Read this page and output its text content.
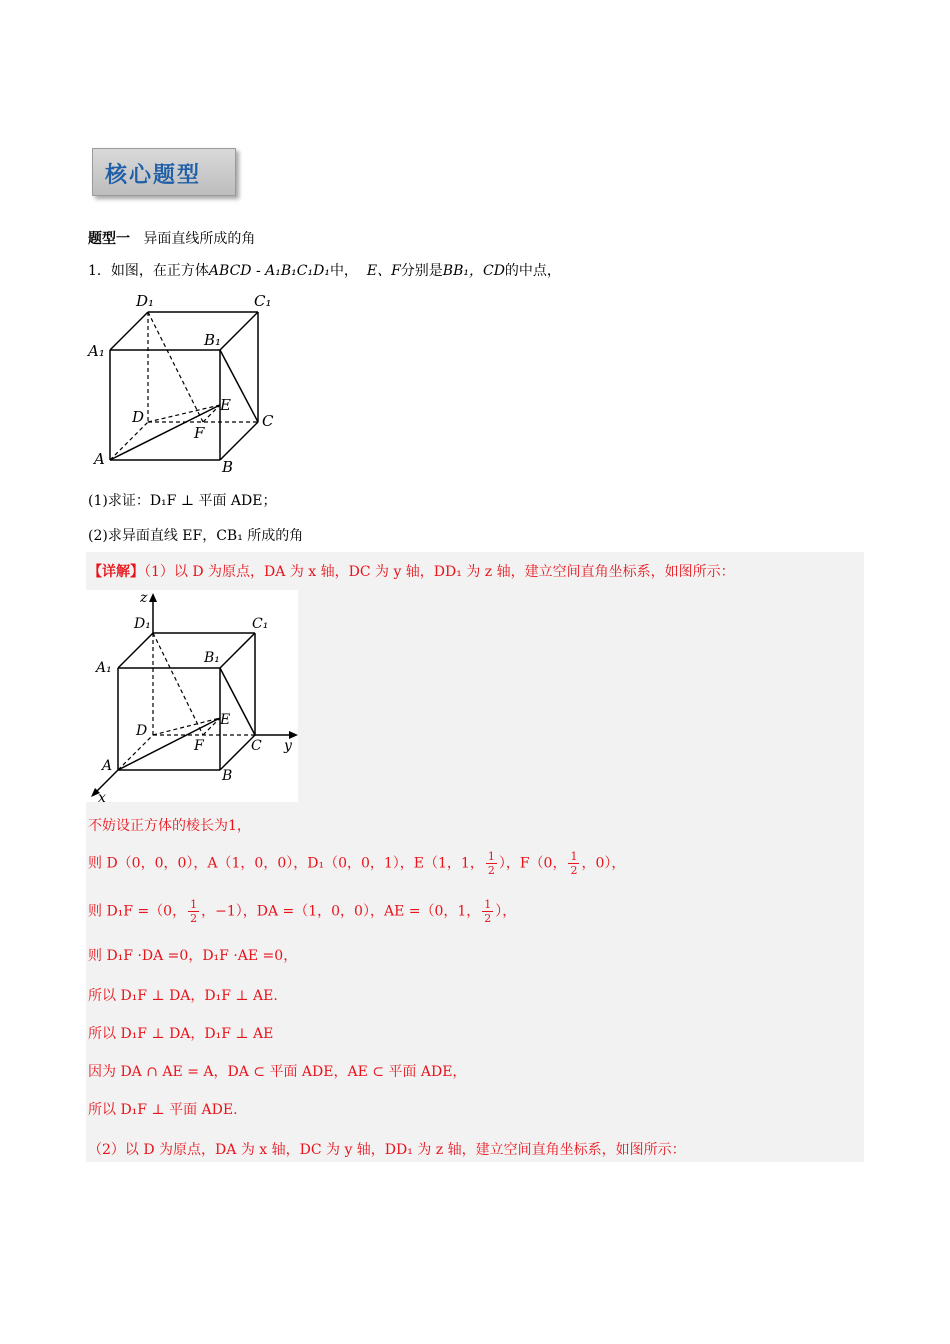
核心题型
题型一 异面直线所成的角
1．如图，在正方体ABCD - A₁B₁C₁D₁中， E、F分别是BB₁，CD的中点，
D₁	C₁
A₁
B₁
D
E
C
F
A	B
(1)求证：D₁F ⊥ 平面 ADE；
(2)求异面直线 EF，CB₁ 所成的角
【详解】（1）以 D 为原点，DA 为 x 轴，DC 为 y 轴，DD₁ 为 z 轴，建立空间直角坐标系，如图所示：
z
D₁	C₁
A₁
B₁
D
E
F	C y
A
B
x
不妨设正方体的棱长为1，
则 D（0，0，0），A（1，0，0），D₁（0，0，1），E（1，1， $\frac{1}{2}$ ），F（0， $\frac{1}{2}$ ，0），
则 D₁F =（0， $\frac{1}{2}$ ，−1），DA =（1，0，0），AE =（0，1， $\frac{1}{2}$ ），
则 D₁F ·DA =0，D₁F ·AE =0，
所以 D₁F ⊥ DA，D₁F ⊥ AE.
所以 D₁F ⊥ DA，D₁F ⊥ AE
因为 DA ∩ AE = A，DA ⊂ 平面 ADE，AE ⊂ 平面 ADE，
所以 D₁F ⊥ 平面 ADE.
（2）以 D 为原点，DA 为 x 轴，DC 为 y 轴，DD₁ 为 z 轴，建立空间直角坐标系，如图所示：
